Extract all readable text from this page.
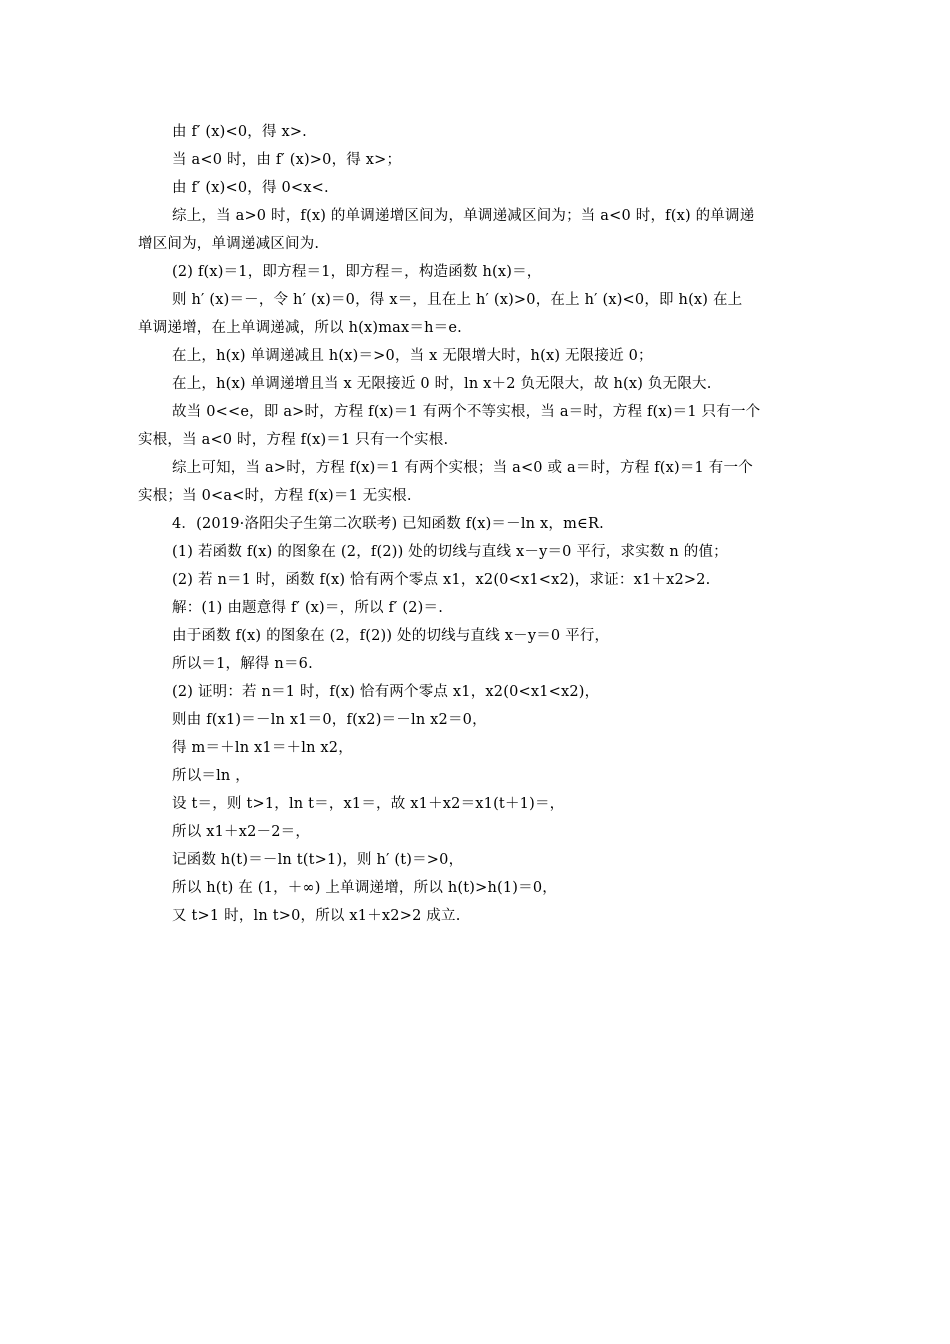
由 f′ (x)<0，得 x>.
当 a<0 时，由 f′ (x)>0，得 x>；
由 f′ (x)<0，得 0<x<.
综上，当 a>0 时，f(x) 的单调递增区间为，单调递减区间为；当 a<0 时，f(x) 的单调递
增区间为，单调递减区间为.
(2) f(x)＝1，即方程＝1，即方程＝，构造函数 h(x)＝，
则 h′ (x)＝－，令 h′ (x)＝0，得 x＝，且在上 h′ (x)>0，在上 h′ (x)<0，即 h(x) 在上
单调递增，在上单调递减，所以 h(x)max＝h＝e.
在上，h(x) 单调递减且 h(x)＝>0，当 x 无限增大时，h(x) 无限接近 0；
在上，h(x) 单调递增且当 x 无限接近 0 时，ln x＋2 负无限大，故 h(x) 负无限大.
故当 0<<e，即 a>时，方程 f(x)＝1 有两个不等实根，当 a＝时，方程 f(x)＝1 只有一个
实根，当 a<0 时，方程 f(x)＝1 只有一个实根.
综上可知，当 a>时，方程 f(x)＝1 有两个实根；当 a<0 或 a＝时，方程 f(x)＝1 有一个
实根；当 0<a<时，方程 f(x)＝1 无实根.
4．(2019·洛阳尖子生第二次联考) 已知函数 f(x)＝－ln x，m∈R.
(1) 若函数 f(x) 的图象在 (2，f(2)) 处的切线与直线 x－y＝0 平行，求实数 n 的值；
(2) 若 n＝1 时，函数 f(x) 恰有两个零点 x1，x2(0<x1<x2)，求证：x1＋x2>2.
解：(1) 由题意得 f′ (x)＝，所以 f′ (2)＝.
由于函数 f(x) 的图象在 (2，f(2)) 处的切线与直线 x－y＝0 平行，
所以＝1，解得 n＝6.
(2) 证明：若 n＝1 时，f(x) 恰有两个零点 x1，x2(0<x1<x2)，
则由 f(x1)＝－ln x1＝0，f(x2)＝－ln x2＝0，
得 m＝＋ln x1＝＋ln x2，
所以＝ln ，
设 t＝，则 t>1，ln t＝，x1＝，故 x1＋x2＝x1(t＋1)＝，
所以 x1＋x2－2＝，
记函数 h(t)＝－ln t(t>1)，则 h′ (t)＝>0，
所以 h(t) 在 (1，＋∞) 上单调递增，所以 h(t)>h(1)＝0，
又 t>1 时，ln t>0，所以 x1＋x2>2 成立.
